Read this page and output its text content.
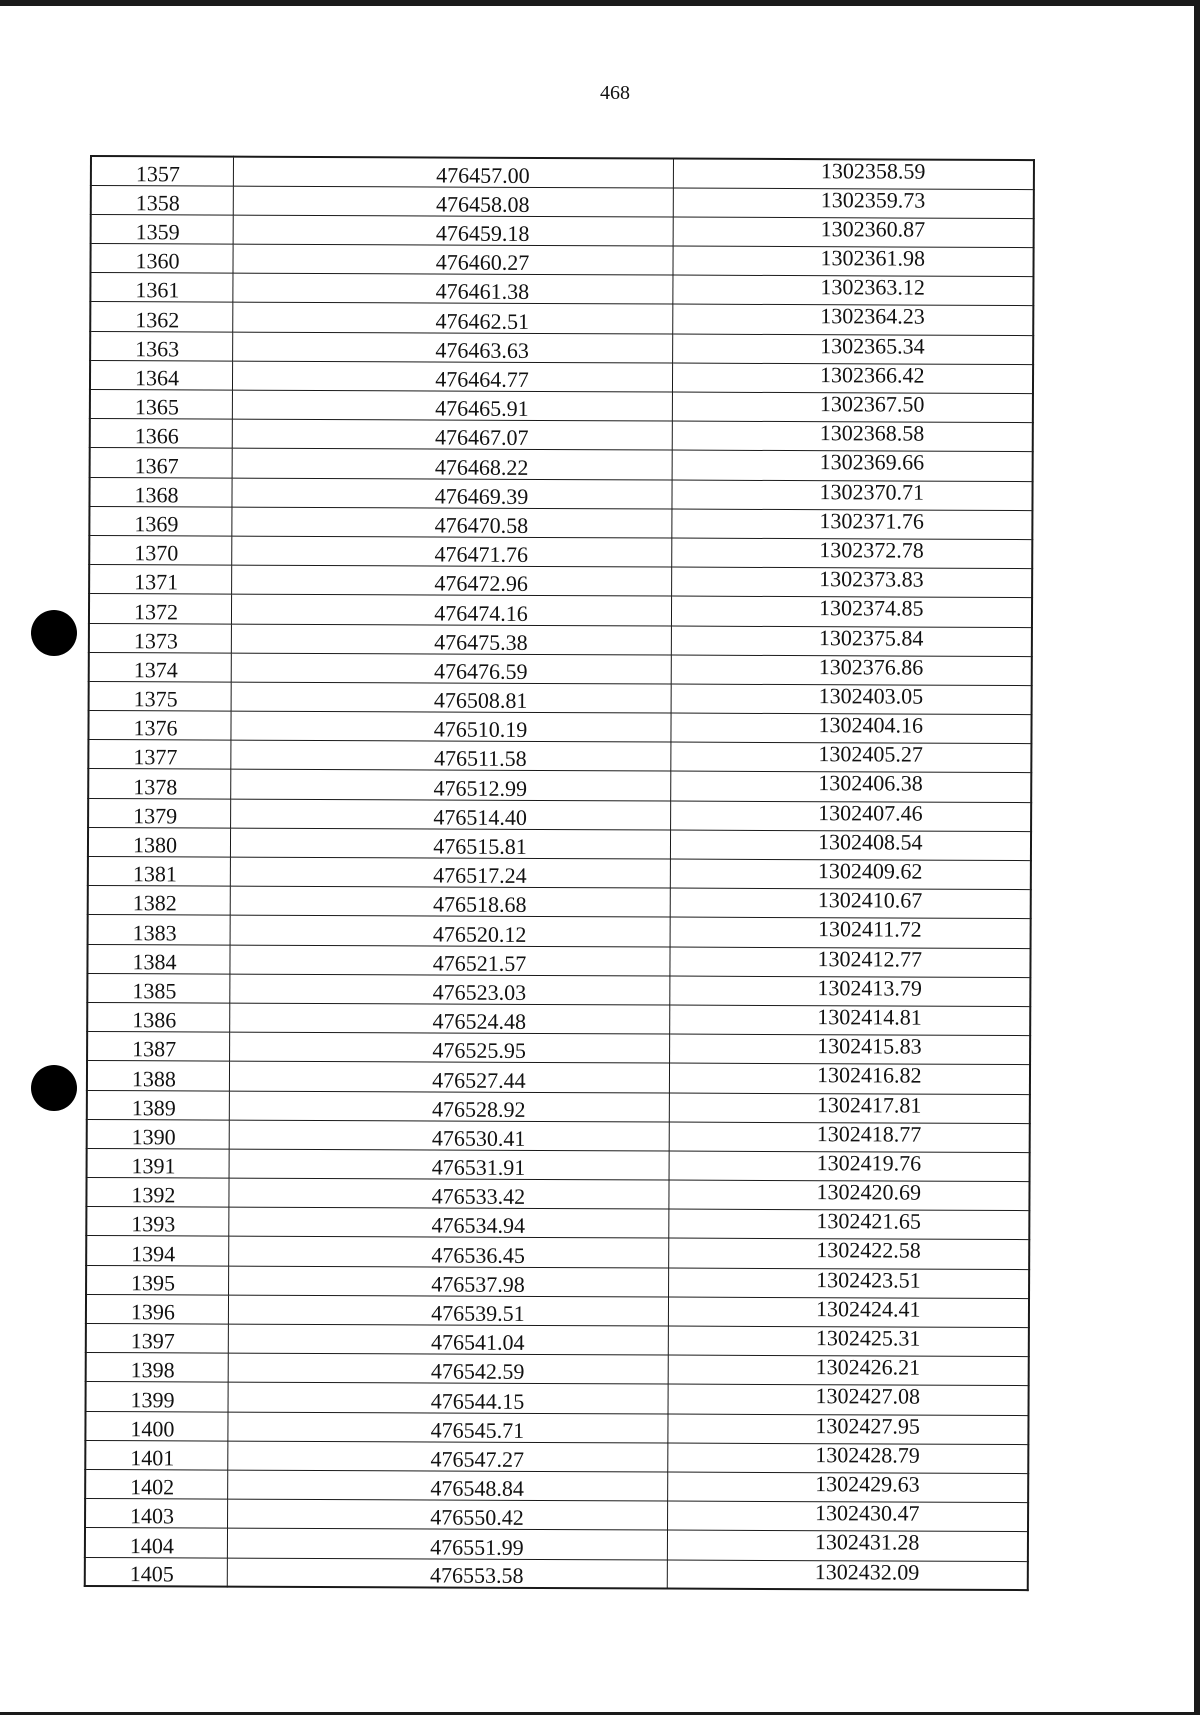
468
1357	476457.00	1302358.59
1358	476458.08	1302359.73
1359	476459.18	1302360.87
1360	476460.27	1302361.98
1361	476461.38	1302363.12
1362	476462.51	1302364.23
1363	476463.63	1302365.34
1364	476464.77	1302366.42
1365	476465.91	1302367.50
1366	476467.07	1302368.58
1367	476468.22	1302369.66
1368	476469.39	1302370.71
1369	476470.58	1302371.76
1370	476471.76	1302372.78
1371	476472.96	1302373.83
1372	476474.16	1302374.85
1373	476475.38	1302375.84
1374	476476.59	1302376.86
1375	476508.81	1302403.05
1376	476510.19	1302404.16
1377	476511.58	1302405.27
1378	476512.99	1302406.38
1379	476514.40	1302407.46
1380	476515.81	1302408.54
1381	476517.24	1302409.62
1382	476518.68	1302410.67
1383	476520.12	1302411.72
1384	476521.57	1302412.77
1385	476523.03	1302413.79
1386	476524.48	1302414.81
1387	476525.95	1302415.83
1388	476527.44	1302416.82
1389	476528.92	1302417.81
1390	476530.41	1302418.77
1391	476531.91	1302419.76
1392	476533.42	1302420.69
1393	476534.94	1302421.65
1394	476536.45	1302422.58
1395	476537.98	1302423.51
1396	476539.51	1302424.41
1397	476541.04	1302425.31
1398	476542.59	1302426.21
1399	476544.15	1302427.08
1400	476545.71	1302427.95
1401	476547.27	1302428.79
1402	476548.84	1302429.63
1403	476550.42	1302430.47
1404	476551.99	1302431.28
1405	476553.58	1302432.09
